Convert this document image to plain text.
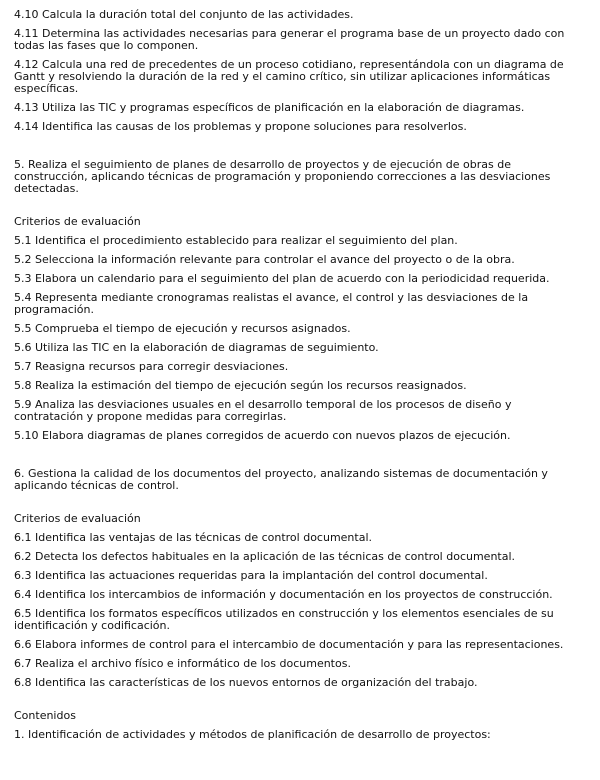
4.10 Calcula la duración total del conjunto de las actividades.

4.11 Determina las actividades necesarias para generar el programa base de un proyecto dado con todas las fases que lo componen.

4.12 Calcula una red de precedentes de un proceso cotidiano, representándola con un diagrama de Gantt y resolviendo la duración de la red y el camino crítico, sin utilizar aplicaciones informáticas específicas.

4.13 Utiliza las TIC y programas específicos de planificación en la elaboración de diagramas.

4.14 Identifica las causas de los problemas y propone soluciones para resolverlos.

5. Realiza el seguimiento de planes de desarrollo de proyectos y de ejecución de obras de construcción, aplicando técnicas de programación y proponiendo correcciones a las desviaciones detectadas.

Criterios de evaluación

5.1 Identifica el procedimiento establecido para realizar el seguimiento del plan.

5.2 Selecciona la información relevante para controlar el avance del proyecto o de la obra.

5.3 Elabora un calendario para el seguimiento del plan de acuerdo con la periodicidad requerida.

5.4 Representa mediante cronogramas realistas el avance, el control y las desviaciones de la programación.

5.5 Comprueba el tiempo de ejecución y recursos asignados.

5.6 Utiliza las TIC en la elaboración de diagramas de seguimiento.

5.7 Reasigna recursos para corregir desviaciones.

5.8 Realiza la estimación del tiempo de ejecución según los recursos reasignados.

5.9 Analiza las desviaciones usuales en el desarrollo temporal de los procesos de diseño y contratación y propone medidas para corregirlas.

5.10 Elabora diagramas de planes corregidos de acuerdo con nuevos plazos de ejecución.

6. Gestiona la calidad de los documentos del proyecto, analizando sistemas de documentación y aplicando técnicas de control.

Criterios de evaluación

6.1 Identifica las ventajas de las técnicas de control documental.

6.2 Detecta los defectos habituales en la aplicación de las técnicas de control documental.

6.3 Identifica las actuaciones requeridas para la implantación del control documental.

6.4 Identifica los intercambios de información y documentación en los proyectos de construcción.

6.5 Identifica los formatos específicos utilizados en construcción y los elementos esenciales de su identificación y codificación.

6.6 Elabora informes de control para el intercambio de documentación y para las representaciones.

6.7 Realiza el archivo físico e informático de los documentos.

6.8 Identifica las características de los nuevos entornos de organización del trabajo.

Contenidos

1. Identificación de actividades y métodos de planificación de desarrollo de proyectos:
